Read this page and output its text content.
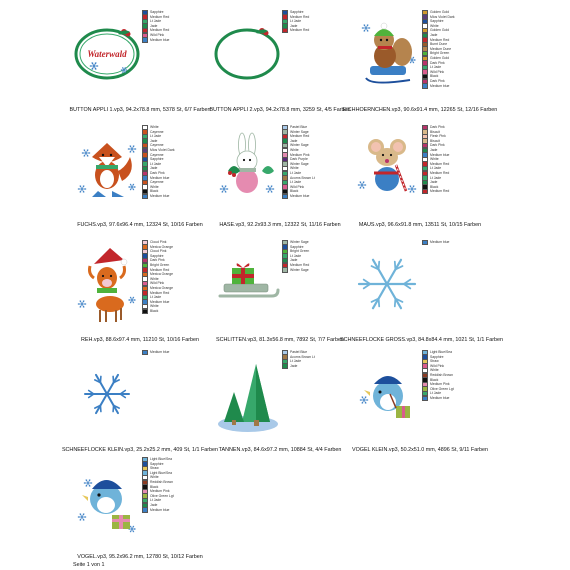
Waterwald
Sapphire
Medium Red
Lt Jade
Jade
Medium Red
Wild Pink
Medium blue
BUTTON APPLI 1.vp3, 94.2x78.8 mm, 5378 St, 6/7 Farben
Sapphire
Medium Red
Lt Jade
Jade
Medium Red
BUTTON APPLI 2.vp3, 94.2x78.8 mm, 3259 St, 4/5 Farben
Golden Gold
Mios Violet Dark
Sapphire
White
Golden Gold
Jade
Medium Red
Burnt Dune
Medium Dune
Bright Green
Golden Gold
Dark Pink
Lt Jade
Wild Pink
Black
Dark Pink
Medium blue
EICHHOERNCHEN.vp3, 90.6x91.4 mm, 12265 St, 12/16 Farben
White
Cayenne
Lt Jade
Jade
Cayenne
Mios Violet Dark
Cayenne
Sapphire
Lt Jade
Jade
Dark Pink
Medium blue
Cayenne
White
Black
Medium blue
FUCHS.vp3, 97.6x96.4 mm, 12324 St, 10/16 Farben
Pastel Blue
Winter Sage
Medium Red
Jade
Winter Sage
White
Medium Pink
Dark Purple
Winter Sage
White
Lt Jade
Acorns Brown Lt
Lt Jade
Wild Pink
Black
Medium blue
HASE.vp3, 92.2x93.3 mm, 12322 St, 11/16 Farben
Dark Pink
Biscuit
Flesh Pink
Biscuit
Dark Pink
Jade
Medium blue
White
Medium Red
Lt Jade
Medium Red
Lt Jade
Jade
Black
Medium Red
MAUS.vp3, 96.6x91.8 mm, 13511 St, 10/15 Farben
Cloud Pink
Mexica Orange
Cloud Pink
Sapphire
Dark Pink
Bright Green
Medium Red
Mexica Orange
White
Wild Pink
Mexica Orange
Medium Red
Lt Jade
Medium blue
White
Black
REH.vp3, 88.6x97.4 mm, 11210 St, 10/16 Farben
Winter Sage
Sapphire
Bright Green
Lt Jade
Jade
Medium Red
Winter Sage
SCHLITTEN.vp3, 81.3x56.8 mm, 7892 St, 7/7 Farben
Medium blue
SCHNEEFLOCKE GROSS.vp3, 84.8x84.4 mm, 1021 St, 1/1 Farben
Medium blue
SCHNEEFLOCKE KLEIN.vp3, 25.2x25.2 mm, 409 St, 1/1 Farben
Pastel Blue
Acorns Brown Lt
Lt Jade
Jade
TANNEN.vp3, 84.6x97.2 mm, 10884 St, 4/4 Farben
Light Blue/Sea
Sapphire
Straw
Wild Pink
White
Reddish Brown
Black
Medium Pink
Olive Green Lgt
Lt Jade
Medium blue
VOGEL KLEIN.vp3, 50.2x51.0 mm, 4896 St, 9/11 Farben
Light Blue/Sea
Sapphire
Straw
Light Blue/Sea
White
Reddish Brown
Black
Medium Pink
Olive Green Lgt
Lt Jade
Jade
Medium blue
VOGEL.vp3, 95.2x96.2 mm, 12780 St, 10/12 Farben
Seite 1 von 1
